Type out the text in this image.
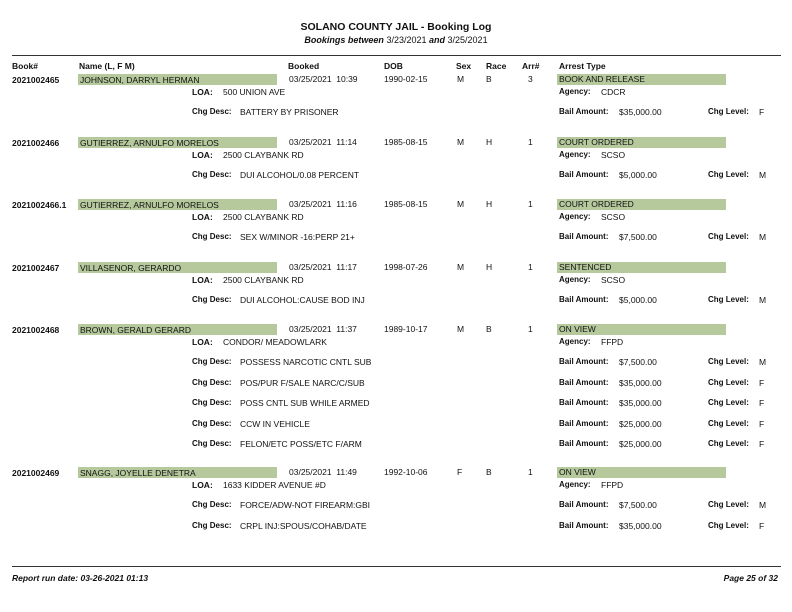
SOLANO COUNTY JAIL - Booking Log
Bookings between 3/23/2021 and 3/25/2021
Book#	Name (L, F M)	Booked	DOB	Sex Race Arr# Arrest Type
2021002465 JOHNSON, DARRYL HERMAN	03/25/2021  10:39	1990-02-15	M	B	3	BOOK AND RELEASE
LOA: 500 UNION AVE	Agency: CDCR
Chg Desc: BATTERY BY PRISONER	Bail Amount: $35,000.00	Chg Level: F
2021002466 GUTIERREZ, ARNULFO MORELOS	03/25/2021  11:14	1985-08-15	M	H	1	COURT ORDERED
LOA: 2500 CLAYBANK RD	Agency: SCSO
Chg Desc: DUI ALCOHOL/0.08 PERCENT	Bail Amount: $5,000.00	Chg Level: M
2021002466.1 GUTIERREZ, ARNULFO MORELOS	03/25/2021  11:16	1985-08-15	M	H	1	COURT ORDERED
LOA: 2500 CLAYBANK RD	Agency: SCSO
Chg Desc: SEX W/MINOR -16:PERP 21+	Bail Amount: $7,500.00	Chg Level: M
2021002467 VILLASENOR, GERARDO	03/25/2021  11:17	1998-07-26	M	H	1	SENTENCED
LOA: 2500 CLAYBANK RD	Agency: SCSO
Chg Desc: DUI ALCOHOL:CAUSE BOD INJ	Bail Amount: $5,000.00	Chg Level: M
2021002468 BROWN, GERALD GERARD	03/25/2021  11:37	1989-10-17	M	B	1	ON VIEW
LOA: CONDOR/ MEADOWLARK	Agency: FFPD
Chg Desc: POSSESS NARCOTIC CNTL SUB	Bail Amount: $7,500.00	Chg Level: M
Chg Desc: POS/PUR F/SALE NARC/C/SUB	Bail Amount: $35,000.00	Chg Level: F
Chg Desc: POSS CNTL SUB WHILE ARMED	Bail Amount: $35,000.00	Chg Level: F
Chg Desc: CCW IN VEHICLE	Bail Amount: $25,000.00	Chg Level: F
Chg Desc: FELON/ETC POSS/ETC F/ARM	Bail Amount: $25,000.00	Chg Level: F
2021002469 SNAGG, JOYELLE DENETRA	03/25/2021  11:49	1992-10-06	F	B	1	ON VIEW
LOA: 1633 KIDDER AVENUE #D	Agency: FFPD
Chg Desc: FORCE/ADW-NOT FIREARM:GBI	Bail Amount: $7,500.00	Chg Level: M
Chg Desc: CRPL INJ:SPOUS/COHAB/DATE	Bail Amount: $35,000.00	Chg Level: F
Report run date: 03-26-2021 01:13	Page 25 of 32
